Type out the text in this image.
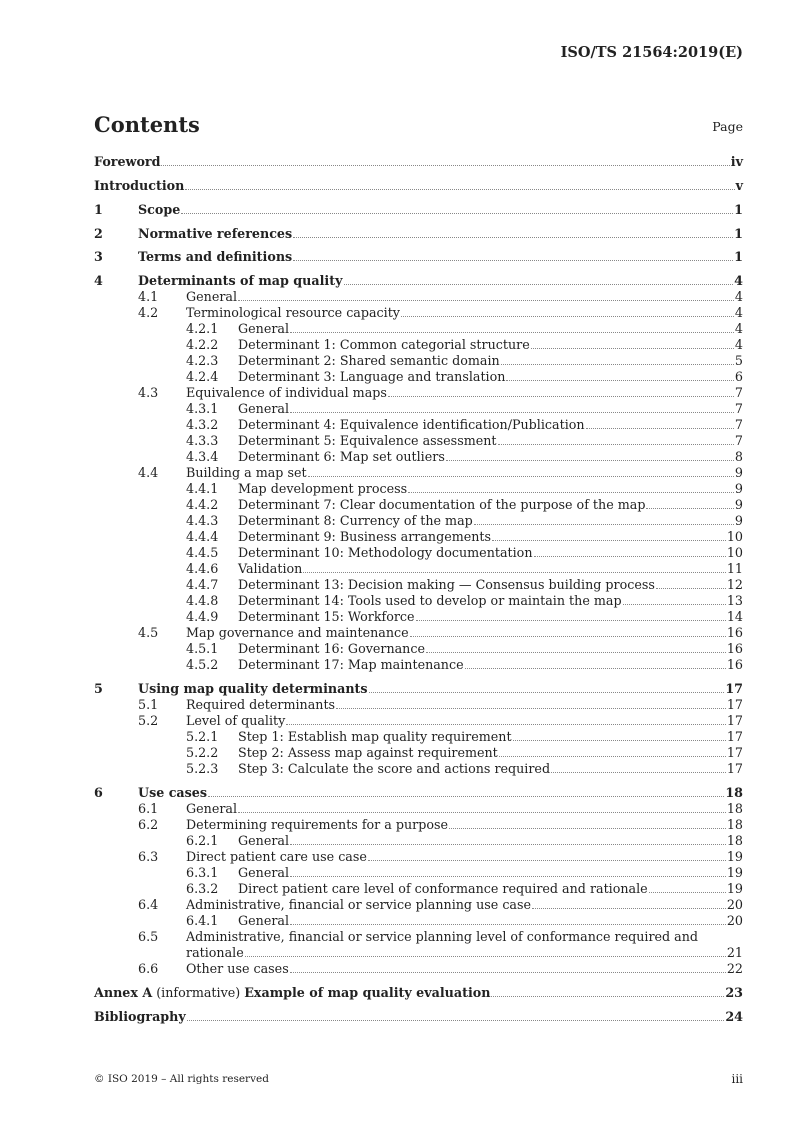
ISO/TS 21564:2019(E)
Contents	Page
Foreword	iv
Introduction	v
1	Scope	1
2	Normative references	1
3	Terms and definitions	1
4	Determinants of map quality	4
4.1 General	4
4.2 Terminological resource capacity	4
4.2.1 General	4
4.2.2 Determinant 1: Common categorial structure	4
4.2.3 Determinant 2: Shared semantic domain	5
4.2.4 Determinant 3: Language and translation	6
4.3 Equivalence of individual maps	7
4.3.1 General	7
4.3.2 Determinant 4: Equivalence identification/Publication	7
4.3.3 Determinant 5: Equivalence assessment	7
4.3.4 Determinant 6: Map set outliers	8
4.4 Building a map set	9
4.4.1 Map development process	9
4.4.2 Determinant 7: Clear documentation of the purpose of the map	9
4.4.3 Determinant 8: Currency of the map	9
4.4.4 Determinant 9: Business arrangements	10
4.4.5 Determinant 10: Methodology documentation	10
4.4.6 Validation	11
4.4.7 Determinant 13: Decision making — Consensus building process	12
4.4.8 Determinant 14: Tools used to develop or maintain the map	13
4.4.9 Determinant 15: Workforce	14
4.5 Map governance and maintenance	16
4.5.1 Determinant 16: Governance	16
4.5.2 Determinant 17: Map maintenance	16
5	Using map quality determinants	17
5.1 Required determinants	17
5.2 Level of quality	17
5.2.1 Step 1: Establish map quality requirement	17
5.2.2 Step 2: Assess map against requirement	17
5.2.3 Step 3: Calculate the score and actions required	17
6	Use cases	18
6.1 General	18
6.2 Determining requirements for a purpose	18
6.2.1 General	18
6.3 Direct patient care use case	19
6.3.1 General	19
6.3.2 Direct patient care level of conformance required and rationale	19
6.4 Administrative, financial or service planning use case	20
6.4.1 General	20
6.5 Administrative, financial or service planning level of conformance required and
rationale	21
6.6 Other use cases	22
Annex A (informative) Example of map quality evaluation	23
Bibliography	24
© ISO 2019 – All rights reserved	iii
